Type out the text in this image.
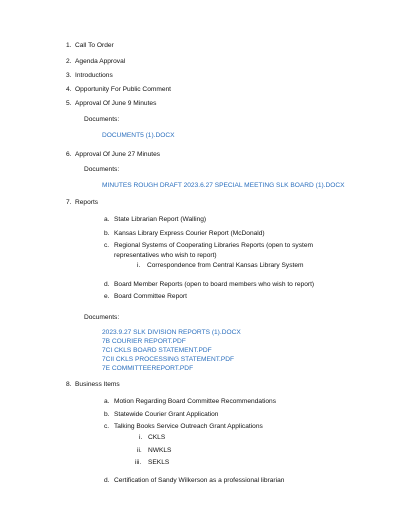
1. Call To Order
2. Agenda Approval
3. Introductions
4. Opportunity For Public Comment
5. Approval Of June 9 Minutes
Documents:
DOCUMENT5 (1).DOCX
6. Approval Of June 27 Minutes
Documents:
MINUTES ROUGH DRAFT 2023.6.27 SPECIAL MEETING SLK BOARD (1).DOCX
7. Reports
a. State Librarian Report (Walling)
b. Kansas Library Express Courier Report (McDonald)
c. Regional Systems of Cooperating Libraries Reports (open to system
representatives who wish to report)
i. Correspondence from Central Kansas Library System
d. Board Member Reports (open to board members who wish to report)
e. Board Committee Report
Documents:
2023.9.27 SLK DIVISION REPORTS (1).DOCX
7B COURIER REPORT.PDF
7CI CKLS BOARD STATEMENT.PDF
7CII CKLS PROCESSING STATEMENT.PDF
7E COMMITTEEREPORT.PDF
8. Business Items
a. Motion Regarding Board Committee Recommendations
b. Statewide Courier Grant Application
c. Talking Books Service Outreach Grant Applications
i. CKLS
ii. NWKLS
iii. SEKLS
d. Certification of Sandy Wilkerson as a professional librarian
